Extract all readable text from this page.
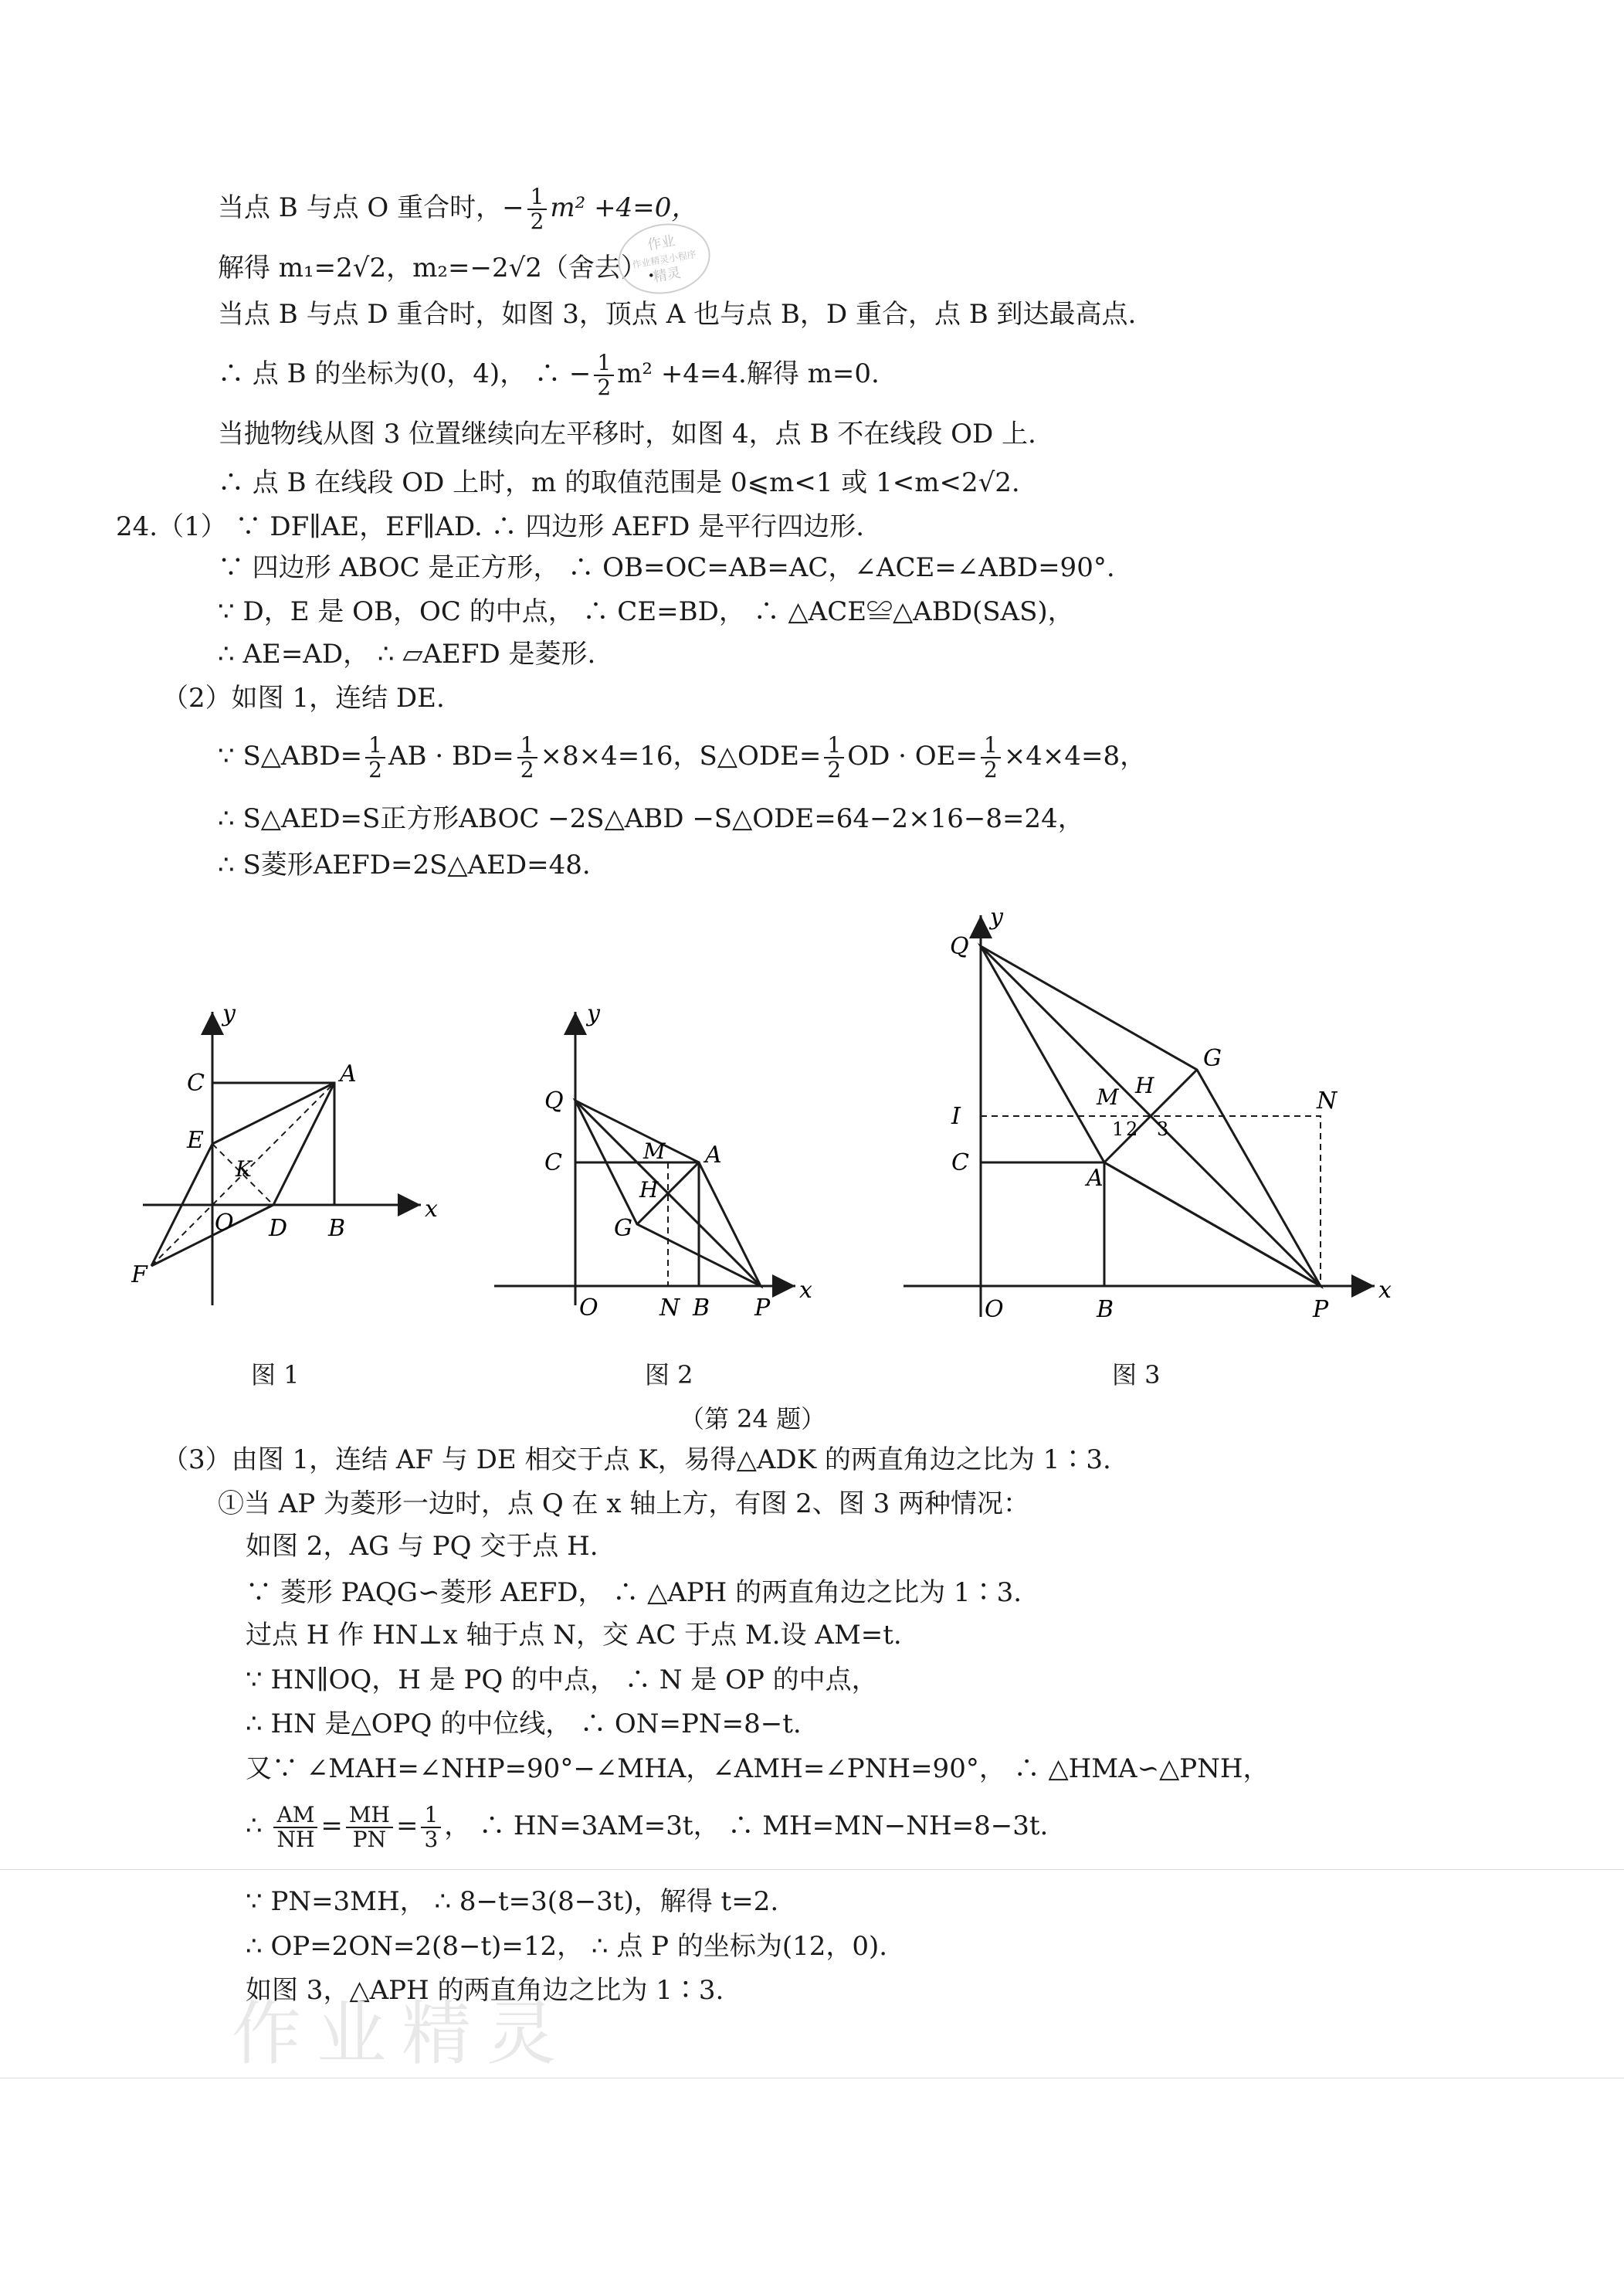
当点 B 与点 O 重合时，− $\frac{1}{2} m^2 +4=0$，
解得 m₁=2√2，m₂=−2√2（舍去）.
当点 B 与点 D 重合时，如图 3，顶点 A 也与点 B，D 重合，点 B 到达最高点.
∴ 点 B 的坐标为(0，4)， ∴ − $\frac{1}{2} m^2 +4=4$.解得 m=0.
当抛物线从图 3 位置继续向左平移时，如图 4，点 B 不在线段 OD 上.
∴ 点 B 在线段 OD 上时，m 的取值范围是 0⩽m<1 或 1<m<2√2.
24.（1） ∵ DF∥AE，EF∥AD. ∴ 四边形 AEFD 是平行四边形.
∵ 四边形 ABOC 是正方形， ∴ OB=OC=AB=AC，∠ACE=∠ABD=90°.
∵ D，E 是 OB，OC 的中点， ∴ CE=BD， ∴ △ACE≌△ABD(SAS)，
∴ AE=AD， ∴ ▱AEFD 是菱形.
（2）如图 1，连结 DE.
∵ S△ABD= $\frac{1}{2}$ AB · $BD= \frac{1}{2} \times 8\times 4=16$，S△ODE= $\frac{1}{2}$ OD · $OE= \frac{1}{2} \times 4\times 4=8$，
∴ S△AED=S正方形ABOC −2S△ABD −S△ODE=64−2×16−8=24，
∴ S菱形AEFD=2S△AED=48.
y
x
C	A
E
K
O D B
F
图 1
y
x
Q
C	M A
H
G
O	N B P
图 2
y
x
Q
G
M H
I
N
1 2 3
C
A
O	B	P
图 3
（第 24 题）
（3）由图 1，连结 AF 与 DE 相交于点 K，易得△ADK 的两直角边之比为 1∶3.
①当 AP 为菱形一边时，点 Q 在 x 轴上方，有图 2、图 3 两种情况：
如图 2，AG 与 PQ 交于点 H.
∵ 菱形 PAQG∽菱形 AEFD， ∴ △APH 的两直角边之比为 1∶3.
过点 H 作 HN⊥x 轴于点 N，交 AC 于点 M.设 AM=t.
∵ HN∥OQ，H 是 PQ 的中点， ∴ N 是 OP 的中点，
∴ HN 是△OPQ 的中位线， ∴ ON=PN=8−t.
又∵ ∠MAH=∠NHP=90°−∠MHA，∠AMH=∠PNH=90°， ∴ △HMA∽△PNH，
∴ $\frac{AM}{NH} = \frac{MH}{PN} = \frac{1}{3}$ ， ∴ HN=3AM=3t， ∴ MH=MN−NH=8−3t.
∵ PN=3MH， ∴ 8−t=3(8−3t)，解得 t=2.
∴ OP=2ON=2(8−t)=12， ∴ 点 P 的坐标为(12，0).
如图 3，△APH 的两直角边之比为 1∶3.
作业
作业精灵小程序
精灵
作业精灵
